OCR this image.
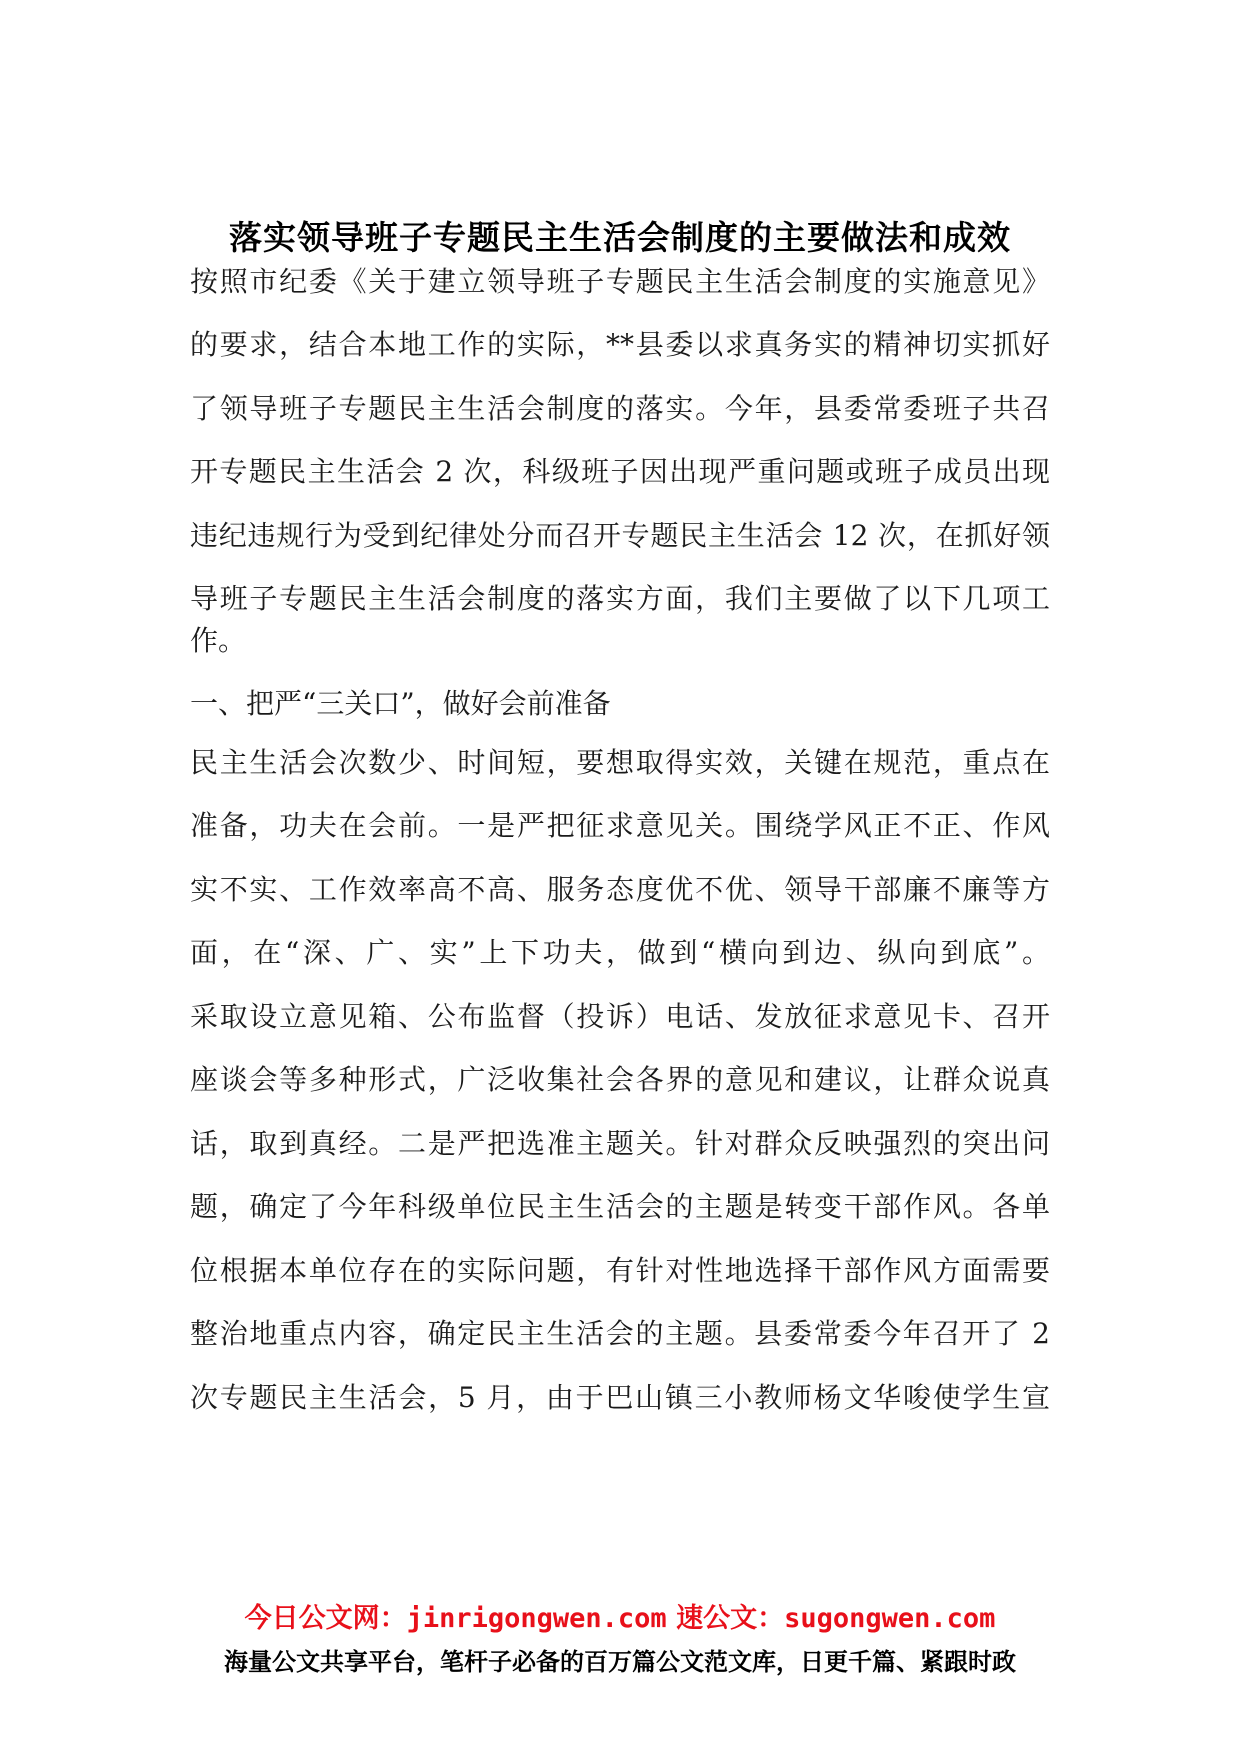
落实领导班子专题民主生活会制度的主要做法和成效

按照市纪委《关于建立领导班子专题民主生活会制度的实施意见》

的要求，结合本地工作的实际，**县委以求真务实的精神切实抓好

了领导班子专题民主生活会制度的落实。今年，县委常委班子共召

开专题民主生活会 2 次，科级班子因出现严重问题或班子成员出现

违纪违规行为受到纪律处分而召开专题民主生活会 12 次，在抓好领

导班子专题民主生活会制度的落实方面，我们主要做了以下几项工

作。

一、把严“三关口”，做好会前准备

民主生活会次数少、时间短，要想取得实效，关键在规范，重点在

准备，功夫在会前。一是严把征求意见关。围绕学风正不正、作风

实不实、工作效率高不高、服务态度优不优、领导干部廉不廉等方

面，在“深、广、实”上下功夫，做到“横向到边、纵向到底”。

采取设立意见箱、公布监督（投诉）电话、发放征求意见卡、召开

座谈会等多种形式，广泛收集社会各界的意见和建议，让群众说真

话，取到真经。二是严把选准主题关。针对群众反映强烈的突出问

题，确定了今年科级单位民主生活会的主题是转变干部作风。各单

位根据本单位存在的实际问题，有针对性地选择干部作风方面需要

整治地重点内容，确定民主生活会的主题。县委常委今年召开了 2

次专题民主生活会，5 月，由于巴山镇三小教师杨文华唆使学生宣

今日公文网：jinrigongwen.com 速公文：sugongwen.com

海量公文共享平台，笔杆子必备的百万篇公文范文库，日更千篇、紧跟时政
